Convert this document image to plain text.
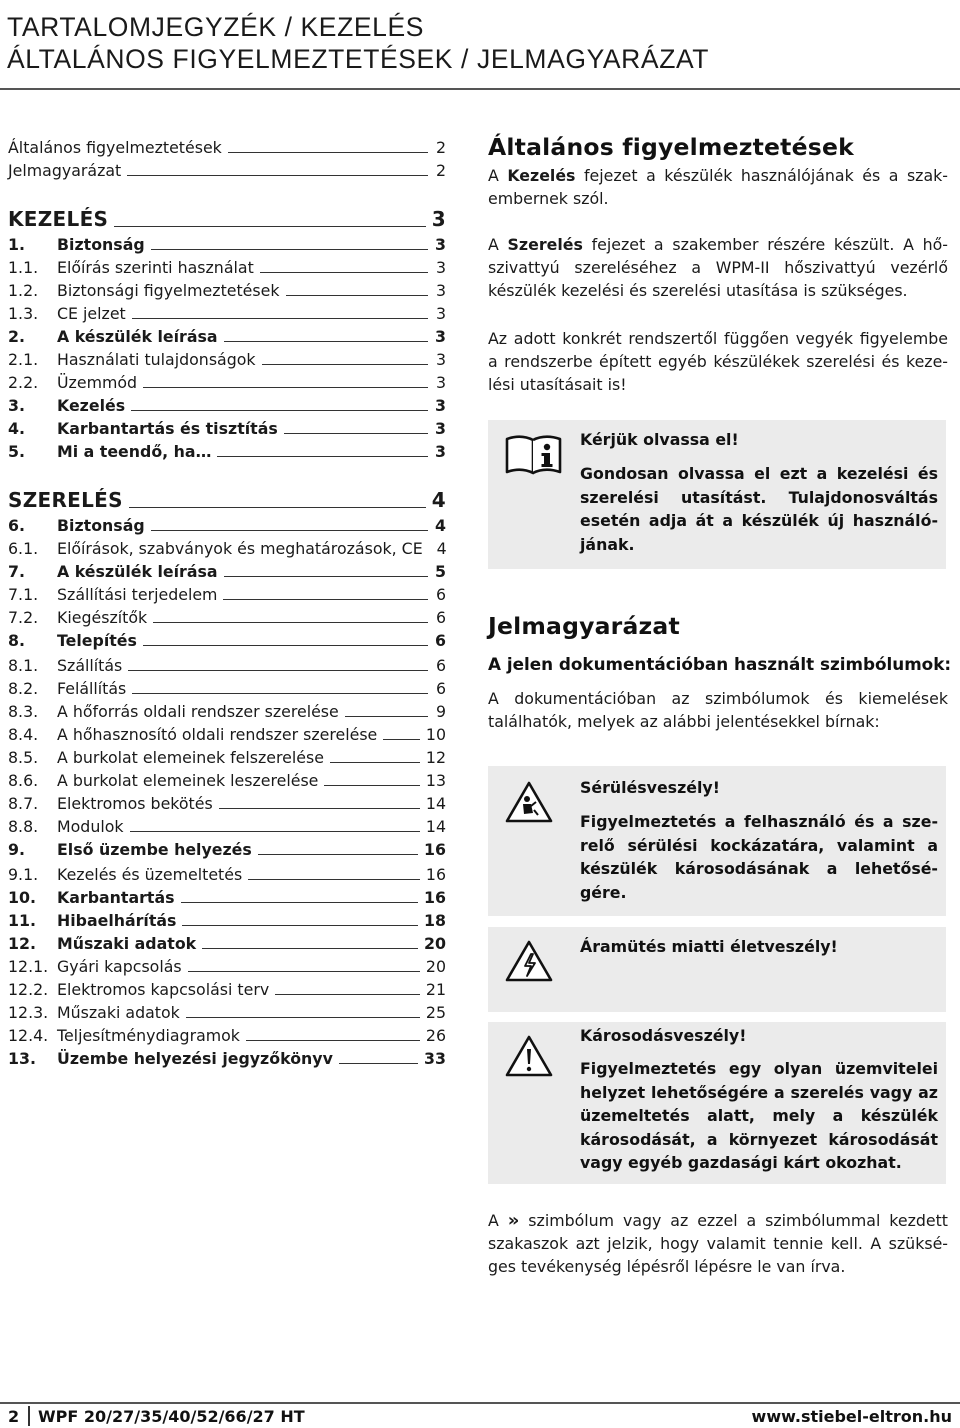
TARTALOMJEGYZÉK / KEZELÉS
ÁLTALÁNOS FIGYELMEZTETÉSEK / JELMAGYARÁZAT
Általános figyelmeztetések	2
Jelmagyarázat	2
KEZELÉS	3
1.	Biztonság	3
1.1.	Előírás szerinti használat	3
1.2.	Biztonsági figyelmeztetések	3
1.3.	CE jelzet	3
2.	A készülék leírása	3
2.1.	Használati tulajdonságok	3
2.2.	Üzemmód	3
3.	Kezelés	3
4.	Karbantartás és tisztítás	3
5.	Mi a teendő, ha…	3
SZERELÉS	4
6.	Biztonság	4
6.1.	Előírások, szabványok és meghatározások, CE 4
7.	A készülék leírása	5
7.1.	Szállítási terjedelem	6
7.2.	Kiegészítők	6
8.	Telepítés	6
8.1.	Szállítás	6
8.2.	Felállítás	6
8.3.	A hőforrás oldali rendszer szerelése	9
8.4.	A hőhasznosító oldali rendszer szerelése	10
8.5.	A burkolat elemeinek felszerelése	12
8.6.	A burkolat elemeinek leszerelése	13
8.7.	Elektromos bekötés	14
8.8.	Modulok	14
9.	Első üzembe helyezés	16
9.1.	Kezelés és üzemeltetés	16
10.	Karbantartás	16
11.	Hibaelhárítás	18
12.	Műszaki adatok	20
12.1. Gyári kapcsolás	20
12.2. Elektromos kapcsolási terv	21
12.3. Műszaki adatok	25
12.4. Teljesítménydiagramok	26
13.	Üzembe helyezési jegyzőkönyv	33
Általános figyelmeztetések
A Kezelés fejezet a készülék használójának és a szak-embernek szól.
A Szerelés fejezet a szakember részére készült. A hő-szivattyú szereléséhez a WPM-II hőszivattyú vezérlő készülék kezelési és szerelési utasítása is szükséges.
Az adott konkrét rendszertől függően vegyék figyelembe a rendszerbe épített egyéb készülékek szerelési és keze-lési utasításait is!
Kérjük olvassa el!
Gondosan olvassa el ezt a kezelési és szerelési utasítást. Tulajdonosváltás esetén adja át a készülék új használó-jának.
Jelmagyarázat
A jelen dokumentációban használt szimbólumok:
A dokumentációban az szimbólumok és kiemelések találhatók, melyek az alábbi jelentésekkel bírnak:
Sérülésveszély!
Figyelmeztetés a felhasználó és a sze-relő sérülési kockázatára, valamint a készülék károsodásának a lehetősé-gére.
Áramütés miatti életveszély!
Károsodásveszély!
Figyelmeztetés egy olyan üzemvitelei helyzet lehetőségére a szerelés vagy az üzemeltetés alatt, mely a készülék károsodását, a környezet károsodását vagy egyéb gazdasági kárt okozhat.
A » szimbólum vagy az ezzel a szimbólummal kezdett szakaszok azt jelzik, hogy valamit tennie kell. A szüksé-ges tevékenység lépésről lépésre le van írva.
2 WPF 20/27/35/40/52/66/27 HT	www.stiebel-eltron.hu
